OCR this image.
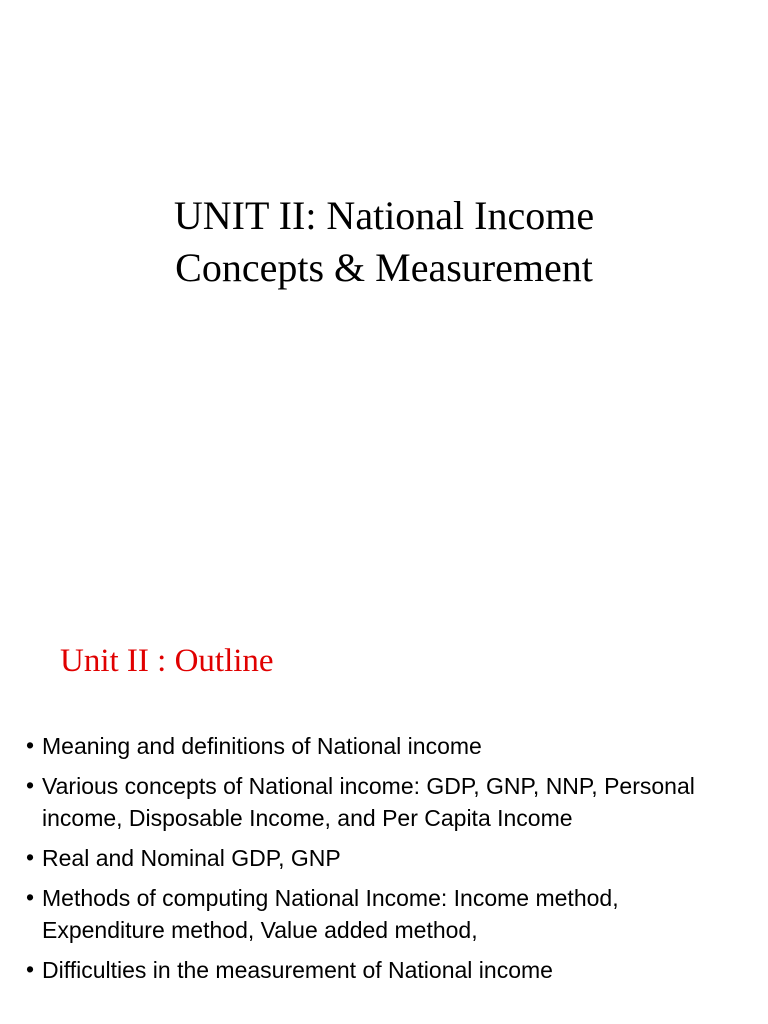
UNIT II: National Income
Concepts & Measurement
Unit II : Outline
• Meaning and definitions of National income
• Various concepts of National income: GDP, GNP, NNP, Personal income, Disposable Income, and Per Capita Income
• Real and Nominal GDP, GNP
• Methods of computing National Income: Income method, Expenditure method, Value added method,
• Difficulties in the measurement of National income
